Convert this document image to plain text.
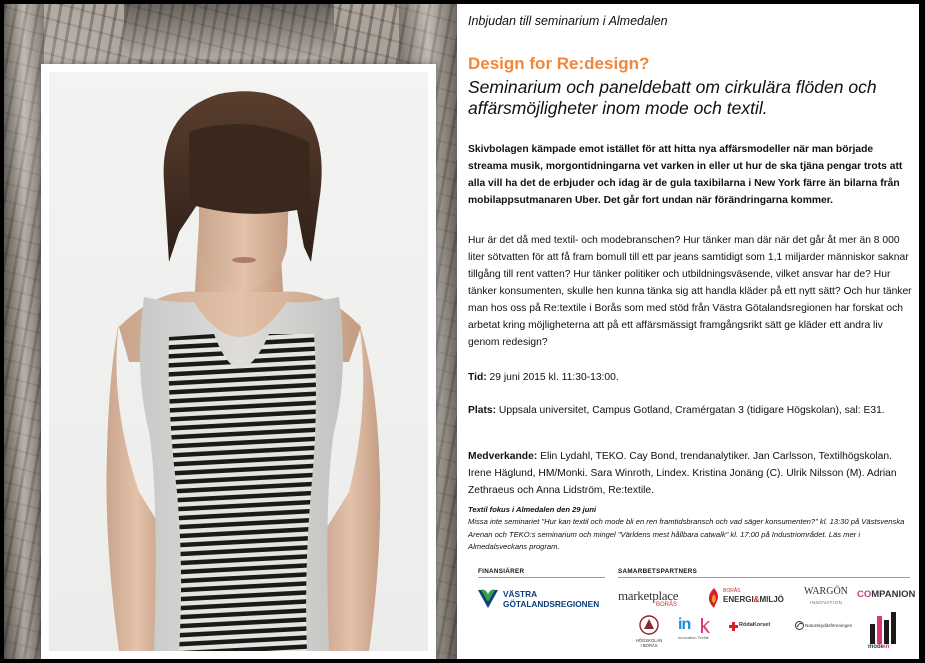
Inbjudan till seminarium i Almedalen
Design for Re:design?
Seminarium och paneldebatt om cirkulära flöden och affärsmöjligheter inom mode och textil.
Skivbolagen kämpade emot istället för att hitta nya affärsmodeller när man började streama musik, morgontidningarna vet varken in eller ut hur de ska tjäna pengar trots att alla vill ha det de erbjuder och idag är de gula taxibilarna i New York färre än bilarna från mobilappsutmanaren Uber. Det går fort undan när förändringarna kommer.
Hur är det då med textil- och modebranschen? Hur tänker man där när det går åt mer än 8 000 liter sötvatten för att få fram bomull till ett par jeans samtidigt som 1,1 miljarder människor saknar tillgång till rent vatten? Hur tänker politiker och utbildningsväsende, vilket ansvar har de? Hur tänker konsumenten, skulle hen kunna tänka sig att handla kläder på ett nytt sätt? Och hur tänker man hos oss på Re:textile i Borås som med stöd från Västra Götalandsregionen har forskat och arbetat kring möjligheterna att på ett affärsmässigt framgångsrikt sätt ge kläder ett andra liv genom redesign?
Tid: 29 juni 2015 kl. 11:30-13:00.
Plats: Uppsala universitet, Campus Gotland, Cramérgatan 3 (tidigare Högskolan), sal: E31.
Medverkande: Elin Lydahl, TEKO. Cay Bond, trendanalytiker. Jan Carlsson, Textilhögskolan. Irene Häglund, HM/Monki. Sara Winroth, Lindex. Kristina Jonäng (C). Ulrik Nilsson (M). Adrian Zethraeus och Anna Lidström, Re:textile.
Textil fokus i Almedalen den 29 juni
Missa inte seminariet "Hur kan textil och mode bli en ren framtidsbransch och vad säger konsumenten?" kl. 13:30 på Västsvenska Arenan och TEKO:s seminarium och mingel "Världens mest hållbara catwalk" kl. 17:00 på Industriområdet. Läs mer i Almedalsveckans program.
FINANSIÄRER	SAMARBETSPARTNERS
VÄSTRA
GÖTALANDSREGIONEN
marketplace
BORÅS
BORÅS
ENERGI&MILJÖ
WARGÖN
INNOVATION
COMPANION
HÖGSKOLAN
I BORÅS
in
Innovation Textile
RödaKorset	Naturskyddsföreningen
modein
